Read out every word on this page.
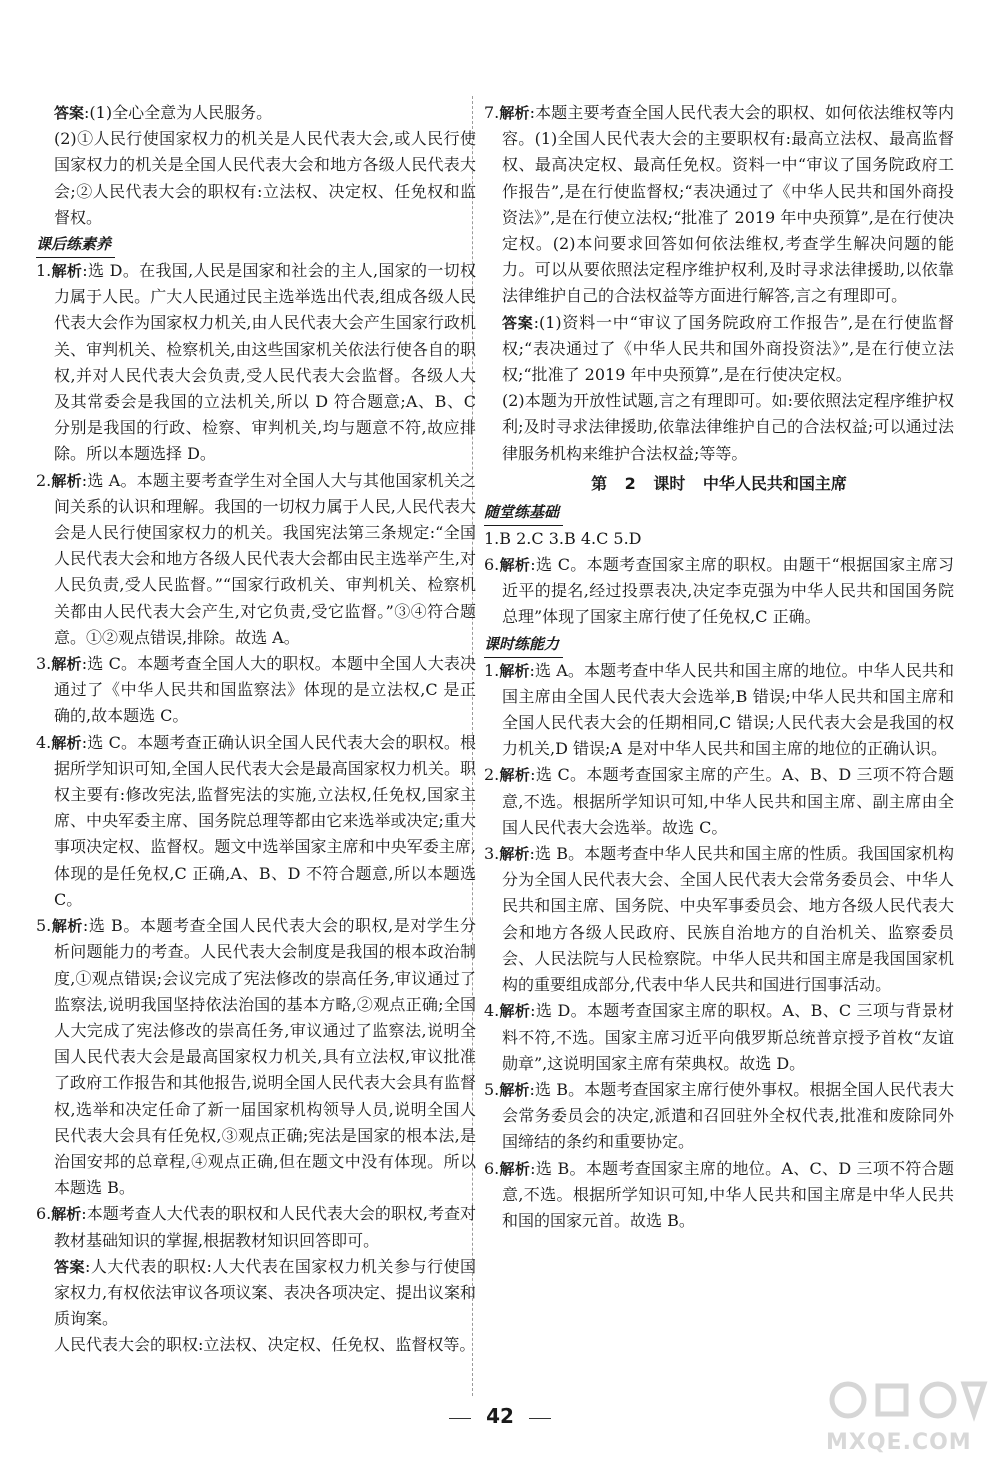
答案:(1)全心全意为人民服务。

(2)①人民行使国家权力的机关是人民代表大会,或人民行使国家权力的机关是全国人民代表大会和地方各级人民代表大会;②人民代表大会的职权有:立法权、决定权、任免权和监督权。

课后练素养

1.解析:选 D。在我国,人民是国家和社会的主人,国家的一切权力属于人民。广大人民通过民主选举选出代表,组成各级人民代表大会作为国家权力机关,由人民代表大会产生国家行政机关、审判机关、检察机关,由这些国家机关依法行使各自的职权,并对人民代表大会负责,受人民代表大会监督。各级人大及其常委会是我国的立法机关,所以 D 符合题意;A、B、C 分别是我国的行政、检察、审判机关,均与题意不符,故应排除。所以本题选择 D。

2.解析:选 A。本题主要考查学生对全国人大与其他国家机关之间关系的认识和理解。我国的一切权力属于人民,人民代表大会是人民行使国家权力的机关。我国宪法第三条规定:“全国人民代表大会和地方各级人民代表大会都由民主选举产生,对人民负责,受人民监督。”“国家行政机关、审判机关、检察机关都由人民代表大会产生,对它负责,受它监督。”③④符合题意。①②观点错误,排除。故选 A。

3.解析:选 C。本题考查全国人大的职权。本题中全国人大表决通过了《中华人民共和国监察法》体现的是立法权,C 是正确的,故本题选 C。

4.解析:选 C。本题考查正确认识全国人民代表大会的职权。根据所学知识可知,全国人民代表大会是最高国家权力机关。职权主要有:修改宪法,监督宪法的实施,立法权,任免权,国家主席、中央军委主席、国务院总理等都由它来选举或决定;重大事项决定权、监督权。题文中选举国家主席和中央军委主席,体现的是任免权,C 正确,A、B、D 不符合题意,所以本题选 C。

5.解析:选 B。本题考查全国人民代表大会的职权,是对学生分析问题能力的考查。人民代表大会制度是我国的根本政治制度,①观点错误;会议完成了宪法修改的崇高任务,审议通过了监察法,说明我国坚持依法治国的基本方略,②观点正确;全国人大完成了宪法修改的崇高任务,审议通过了监察法,说明全国人民代表大会是最高国家权力机关,具有立法权,审议批准了政府工作报告和其他报告,说明全国人民代表大会具有监督权,选举和决定任命了新一届国家机构领导人员,说明全国人民代表大会具有任免权,③观点正确;宪法是国家的根本法,是治国安邦的总章程,④观点正确,但在题文中没有体现。所以本题选 B。

6.解析:本题考查人大代表的职权和人民代表大会的职权,考查对教材基础知识的掌握,根据教材知识回答即可。

答案:人大代表的职权:人大代表在国家权力机关参与行使国家权力,有权依法审议各项议案、表决各项决定、提出议案和质询案。

人民代表大会的职权:立法权、决定权、任免权、监督权等。

7.解析:本题主要考查全国人民代表大会的职权、如何依法维权等内容。(1)全国人民代表大会的主要职权有:最高立法权、最高监督权、最高决定权、最高任免权。资料一中“审议了国务院政府工作报告”,是在行使监督权;“表决通过了《中华人民共和国外商投资法》”,是在行使立法权;“批准了 2019 年中央预算”,是在行使决定权。(2)本问要求回答如何依法维权,考查学生解决问题的能力。可以从要依照法定程序维护权利,及时寻求法律援助,以依靠法律维护自己的合法权益等方面进行解答,言之有理即可。

答案:(1)资料一中“审议了国务院政府工作报告”,是在行使监督权;“表决通过了《中华人民共和国外商投资法》”,是在行使立法权;“批准了 2019 年中央预算”,是在行使决定权。

(2)本题为开放性试题,言之有理即可。如:要依照法定程序维护权利;及时寻求法律援助,依靠法律维护自己的合法权益;可以通过法律服务机构来维护合法权益;等等。

第 2 课时 中华人民共和国主席

随堂练基础

1.B 2.C 3.B 4.C 5.D

6.解析:选 C。本题考查国家主席的职权。由题干“根据国家主席习近平的提名,经过投票表决,决定李克强为中华人民共和国国务院总理”体现了国家主席行使了任免权,C 正确。

课时练能力

1.解析:选 A。本题考查中华人民共和国主席的地位。中华人民共和国主席由全国人民代表大会选举,B 错误;中华人民共和国主席和全国人民代表大会的任期相同,C 错误;人民代表大会是我国的权力机关,D 错误;A 是对中华人民共和国主席的地位的正确认识。

2.解析:选 C。本题考查国家主席的产生。A、B、D 三项不符合题意,不选。根据所学知识可知,中华人民共和国主席、副主席由全国人民代表大会选举。故选 C。

3.解析:选 B。本题考查中华人民共和国主席的性质。我国国家机构分为全国人民代表大会、全国人民代表大会常务委员会、中华人民共和国主席、国务院、中央军事委员会、地方各级人民代表大会和地方各级人民政府、民族自治地方的自治机关、监察委员会、人民法院与人民检察院。中华人民共和国主席是我国国家机构的重要组成部分,代表中华人民共和国进行国事活动。

4.解析:选 D。本题考查国家主席的职权。A、B、C 三项与背景材料不符,不选。国家主席习近平向俄罗斯总统普京授予首枚“友谊勋章”,这说明国家主席有荣典权。故选 D。

5.解析:选 B。本题考查国家主席行使外事权。根据全国人民代表大会常务委员会的决定,派遣和召回驻外全权代表,批准和废除同外国缔结的条约和重要协定。

6.解析:选 B。本题考查国家主席的地位。A、C、D 三项不符合题意,不选。根据所学知识可知,中华人民共和国主席是中华人民共和国的国家元首。故选 B。

42
MXQE.COM
